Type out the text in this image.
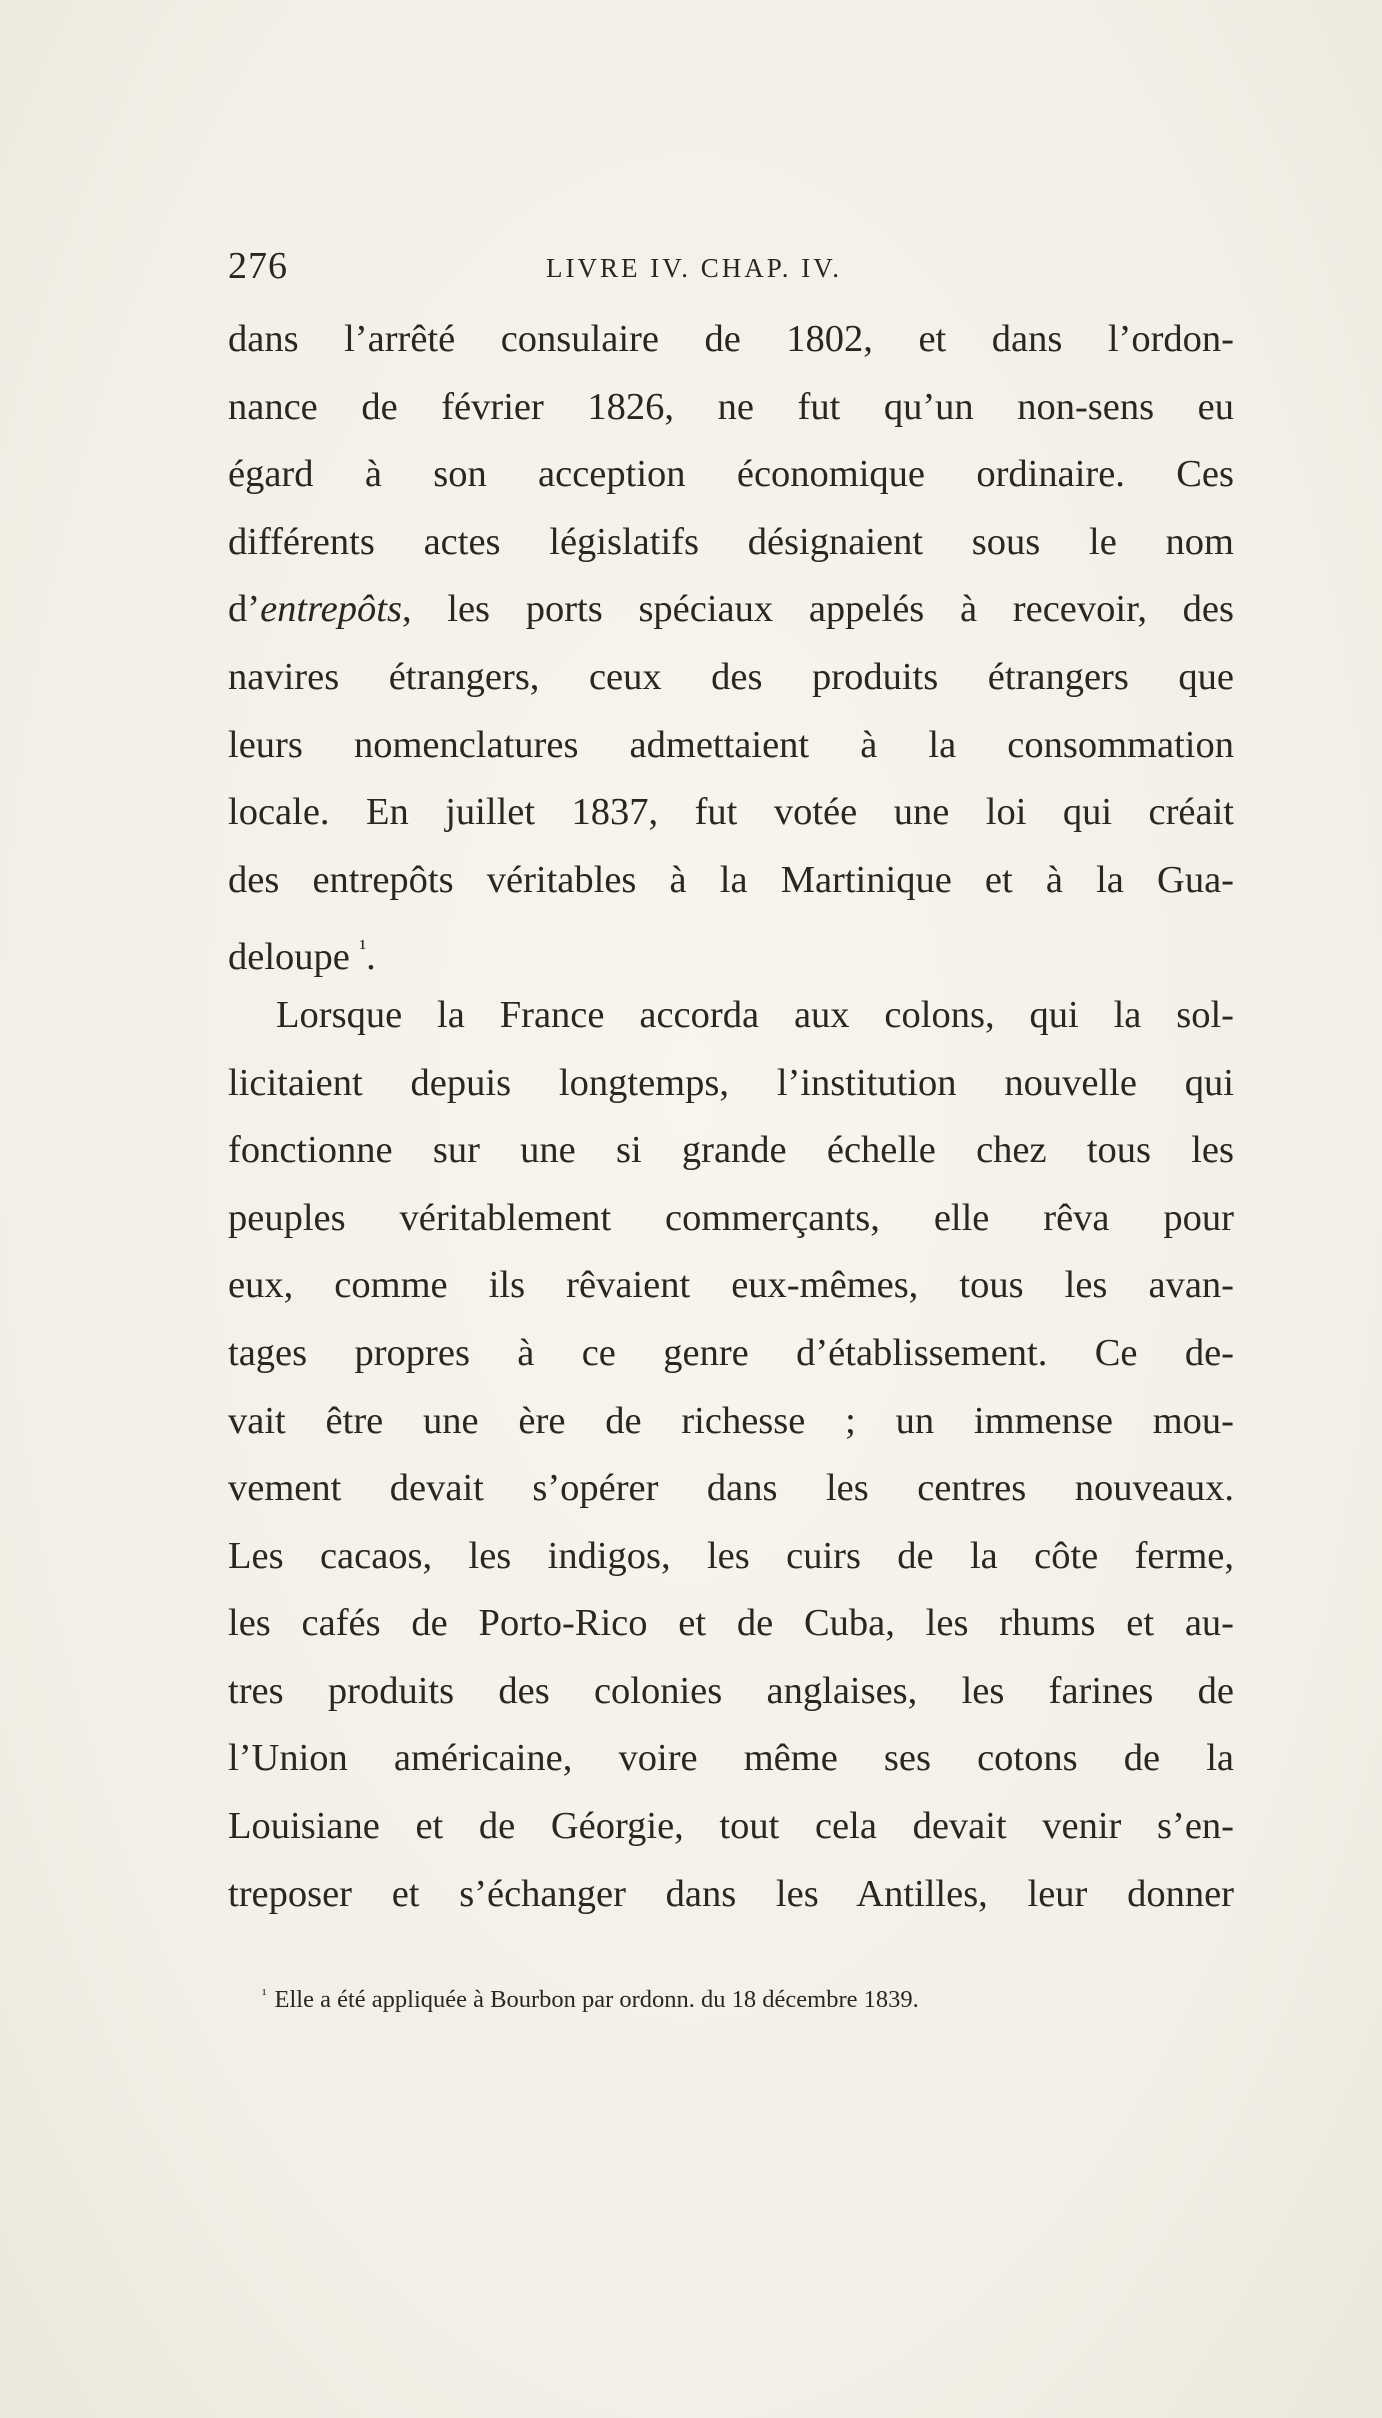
276	LIVRE IV. CHAP. IV.
dans l’arrêté consulaire de 1802, et dans l’ordon-
nance de février 1826, ne fut qu’un non-sens eu
égard à son acception économique ordinaire. Ces
différents actes législatifs désignaient sous le nom
d’entrepôts, les ports spéciaux appelés à recevoir, des
navires étrangers, ceux des produits étrangers que
leurs nomenclatures admettaient à la consommation
locale. En juillet 1837, fut votée une loi qui créait
des entrepôts véritables à la Martinique et à la Gua-
deloupe $^{^1}$.
Lorsque la France accorda aux colons, qui la sol-
licitaient depuis longtemps, l’institution nouvelle qui
fonctionne sur une si grande échelle chez tous les
peuples véritablement commerçants, elle rêva pour
eux, comme ils rêvaient eux-mêmes, tous les avan-
tages propres à ce genre d’établissement. Ce de-
vait être une ère de richesse ; un immense mou-
vement devait s’opérer dans les centres nouveaux.
Les cacaos, les indigos, les cuirs de la côte ferme,
les cafés de Porto-Rico et de Cuba, les rhums et au-
tres produits des colonies anglaises, les farines de
l’Union américaine, voire même ses cotons de la
Louisiane et de Géorgie, tout cela devait venir s’en-
treposer et s’échanger dans les Antilles, leur donner
$^{^1}$ Elle a été appliquée à Bourbon par ordonn. du 18 décembre 1839.
